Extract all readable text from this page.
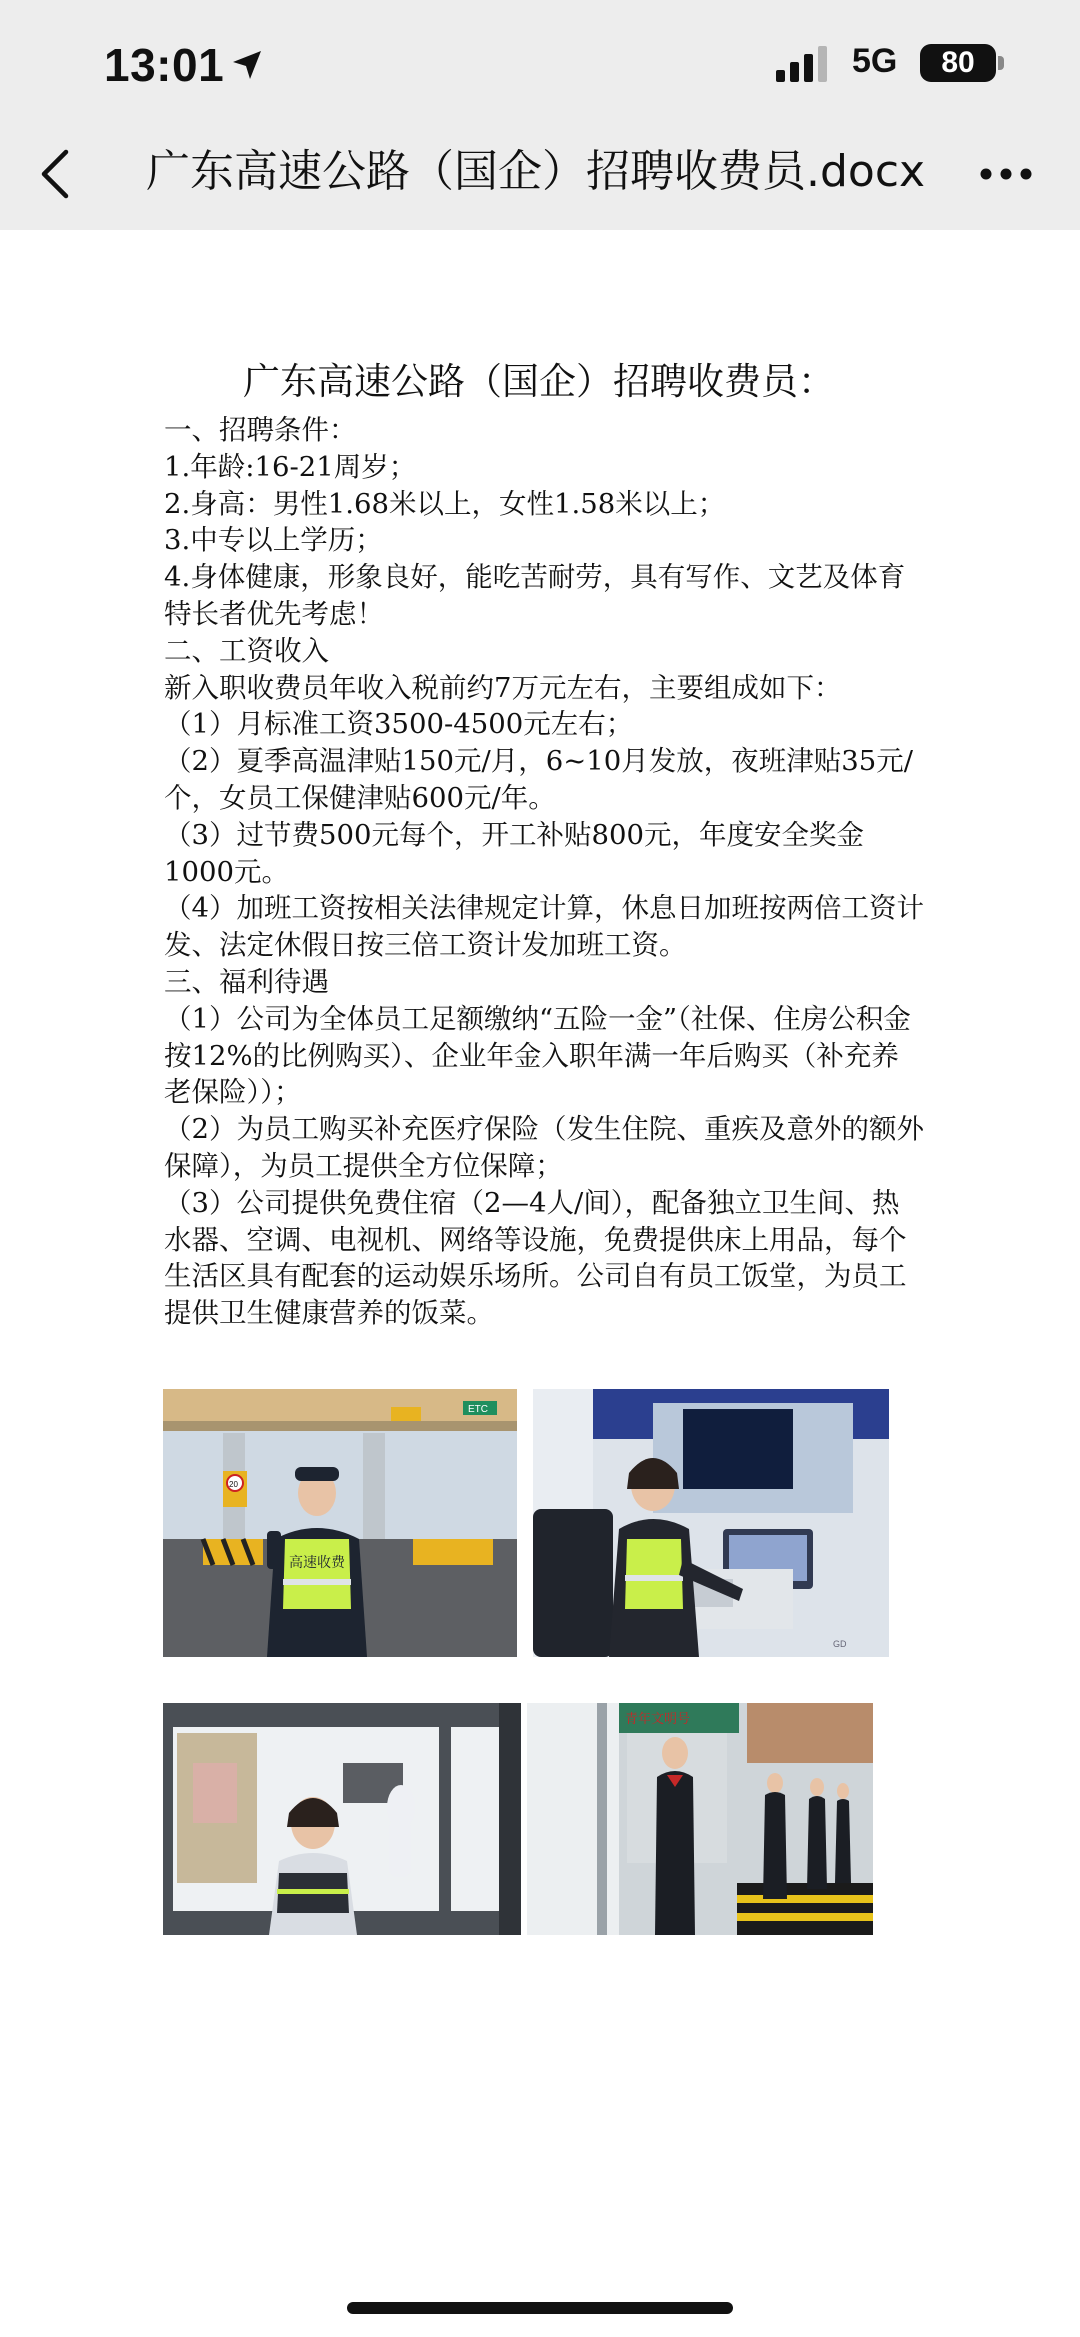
13:01	5G 80
广东高速公路（国企）招聘收费员.docx
广东高速公路（国企）招聘收费员：

一、招聘条件：

1.年龄:16-21周岁；

2.身高：男性1.68米以上，女性1.58米以上；

3.中专以上学历；

4.身体健康，形象良好，能吃苦耐劳，具有写作、文艺及体育特长者优先考虑！

二、工资收入

新入职收费员年收入税前约7万元左右，主要组成如下：

（1）月标准工资3500-4500元左右；

（2）夏季高温津贴150元/月，6~10月发放，夜班津贴35元/个，女员工保健津贴600元/年。

（3）过节费500元每个，开工补贴800元，年度安全奖金1000元。

（4）加班工资按相关法律规定计算，休息日加班按两倍工资计发、法定休假日按三倍工资计发加班工资。

三、福利待遇

（1）公司为全体员工足额缴纳“五险一金”（社保、住房公积金按12%的比例购买）、企业年金入职年满一年后购买（补充养老保险））；

（2）为员工购买补充医疗保险（发生住院、重疾及意外的额外保障），为员工提供全方位保障；

（3）公司提供免费住宿（2—4人/间），配备独立卫生间、热水器、空调、电视机、网络等设施，免费提供床上用品，每个生活区具有配套的运动娱乐场所。公司自有员工饭堂，为员工提供卫生健康营养的饭菜。

ETC
20
高速收费
GD
青年文明号
